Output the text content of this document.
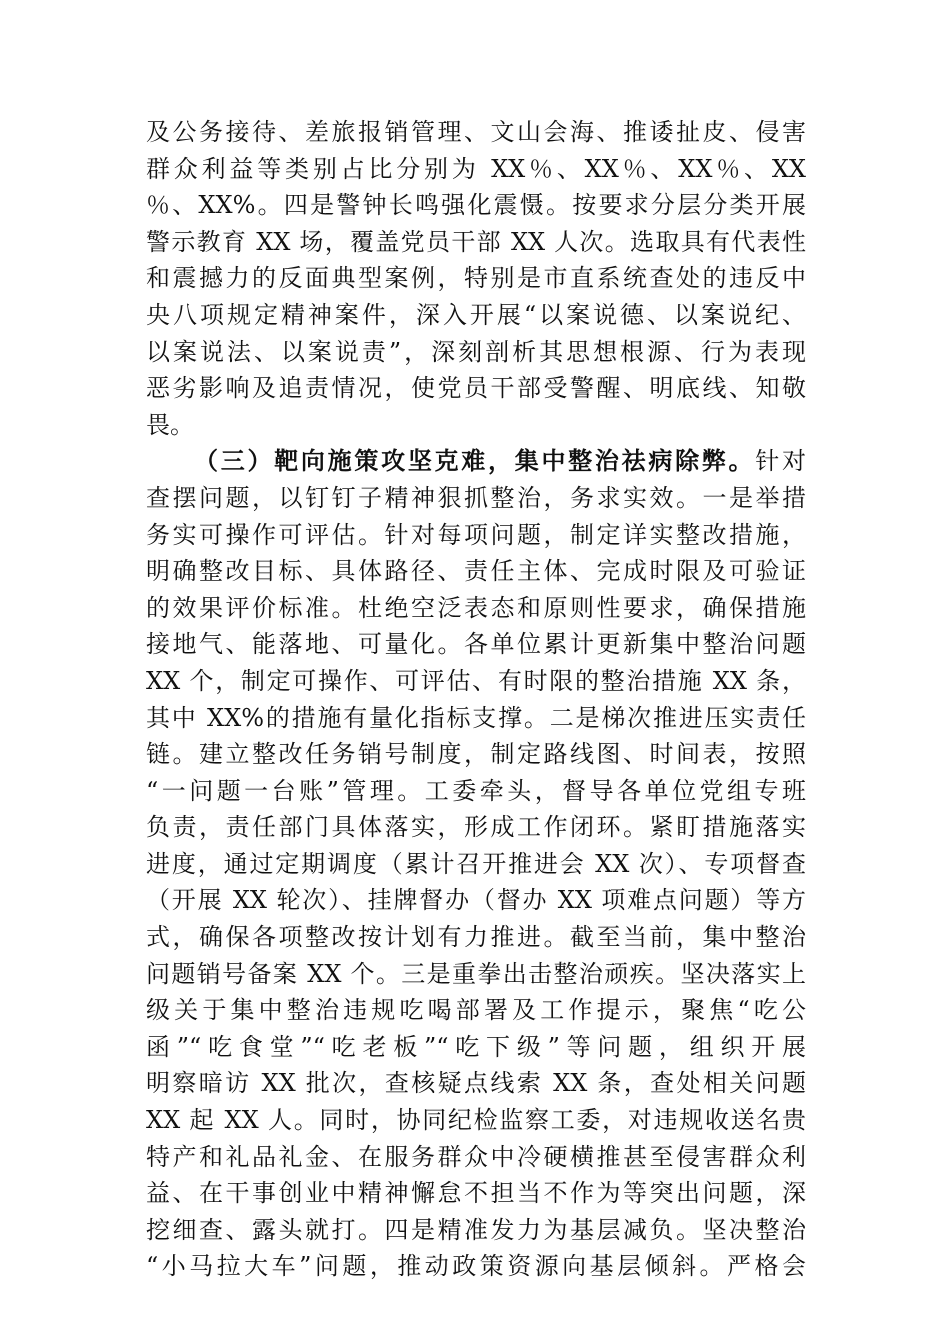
及公务接待、差旅报销管理、文山会海、推诿扯皮、侵害
群众利益等类别占比分别为 XX％、XX％、XX％、XX
％、XX%。四是警钟长鸣强化震慑。按要求分层分类开展
警示教育 XX 场，覆盖党员干部 XX 人次。选取具有代表性
和震撼力的反面典型案例，特别是市直系统查处的违反中
央八项规定精神案件，深入开展“以案说德、以案说纪、
以案说法、以案说责”，深刻剖析其思想根源、行为表现
恶劣影响及追责情况，使党员干部受警醒、明底线、知敬
畏。
（三）靶向施策攻坚克难，集中整治祛病除弊。针对
查摆问题，以钉钉子精神狠抓整治，务求实效。一是举措
务实可操作可评估。针对每项问题，制定详实整改措施，
明确整改目标、具体路径、责任主体、完成时限及可验证
的效果评价标准。杜绝空泛表态和原则性要求，确保措施
接地气、能落地、可量化。各单位累计更新集中整治问题
XX 个，制定可操作、可评估、有时限的整治措施 XX 条，
其中 XX%的措施有量化指标支撑。二是梯次推进压实责任
链。建立整改任务销号制度，制定路线图、时间表，按照
“一问题一台账”管理。工委牵头，督导各单位党组专班
负责，责任部门具体落实，形成工作闭环。紧盯措施落实
进度，通过定期调度（累计召开推进会 XX 次）、专项督查
（开展 XX 轮次）、挂牌督办（督办 XX 项难点问题）等方
式，确保各项整改按计划有力推进。截至当前，集中整治
问题销号备案 XX 个。三是重拳出击整治顽疾。坚决落实上
级关于集中整治违规吃喝部署及工作提示，聚焦“吃公
函”“吃食堂”“吃老板”“吃下级”等问题，组织开展
明察暗访 XX 批次，查核疑点线索 XX 条，查处相关问题
XX 起 XX 人。同时，协同纪检监察工委，对违规收送名贵
特产和礼品礼金、在服务群众中冷硬横推甚至侵害群众利
益、在干事创业中精神懈怠不担当不作为等突出问题，深
挖细查、露头就打。四是精准发力为基层减负。坚决整治
“小马拉大车”问题，推动政策资源向基层倾斜。严格会
